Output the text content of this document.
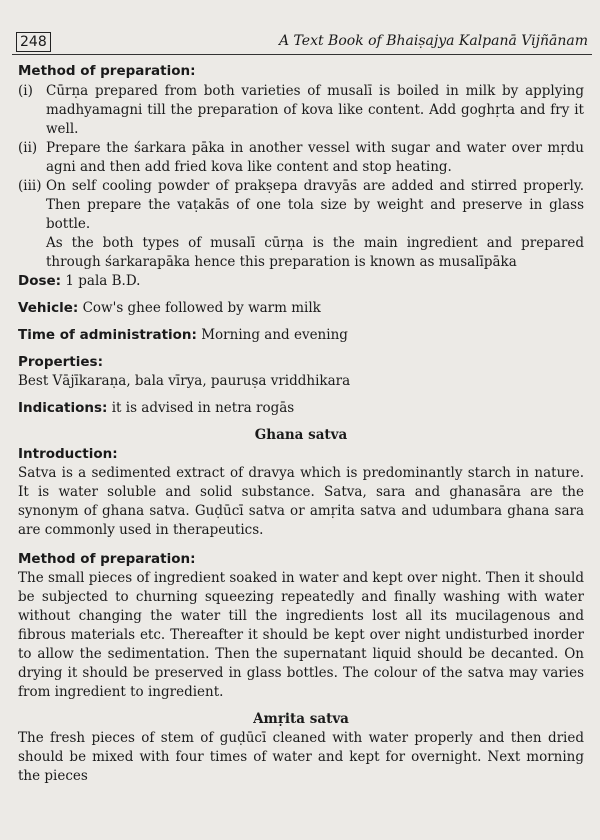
248	A Text Book of Bhaiṣajya Kalpanā Vijñānam
Method of preparation:
(i) Cūrṇa prepared from both varieties of musalī is boiled in milk by applying madhyamagni till the preparation of kova like content. Add goghṛta and fry it well.
(ii) Prepare the śarkara pāka in another vessel with sugar and water over mṛdu agni and then add fried kova like content and stop heating.
(iii) On self cooling powder of prakṣepa dravyās are added and stirred properly. Then prepare the vaṭakās of one tola size by weight and preserve in glass bottle.

As the both types of musalī cūrṇa is the main ingredient and prepared through śarkarapāka hence this preparation is known as musalīpāka

Dose: 1 pala B.D.

Vehicle: Cow's ghee followed by warm milk

Time of administration: Morning and evening

Properties:

Best Vājīkaraṇa, bala vīrya, pauruṣa vriddhikara

Indications: it is advised in netra rogās

Ghana satva
Introduction:

Satva is a sedimented extract of dravya which is predominantly starch in nature. It is water soluble and solid substance. Satva, sara and ghanasāra are the synonym of ghana satva. Guḍūcī satva or amṛita satva and udumbara ghana sara are commonly used in therapeutics.

Method of preparation:

The small pieces of ingredient soaked in water and kept over night. Then it should be subjected to churning squeezing repeatedly and finally washing with water without changing the water till the ingredients lost all its mucilagenous and fibrous materials etc. Thereafter it should be kept over night undisturbed inorder to allow the sedimentation. Then the supernatant liquid should be decanted. On drying it should be preserved in glass bottles. The colour of the satva may varies from ingredient to ingredient.

Amṛita satva

The fresh pieces of stem of guḍūcī cleaned with water properly and then dried should be mixed with four times of water and kept for overnight. Next morning the pieces
